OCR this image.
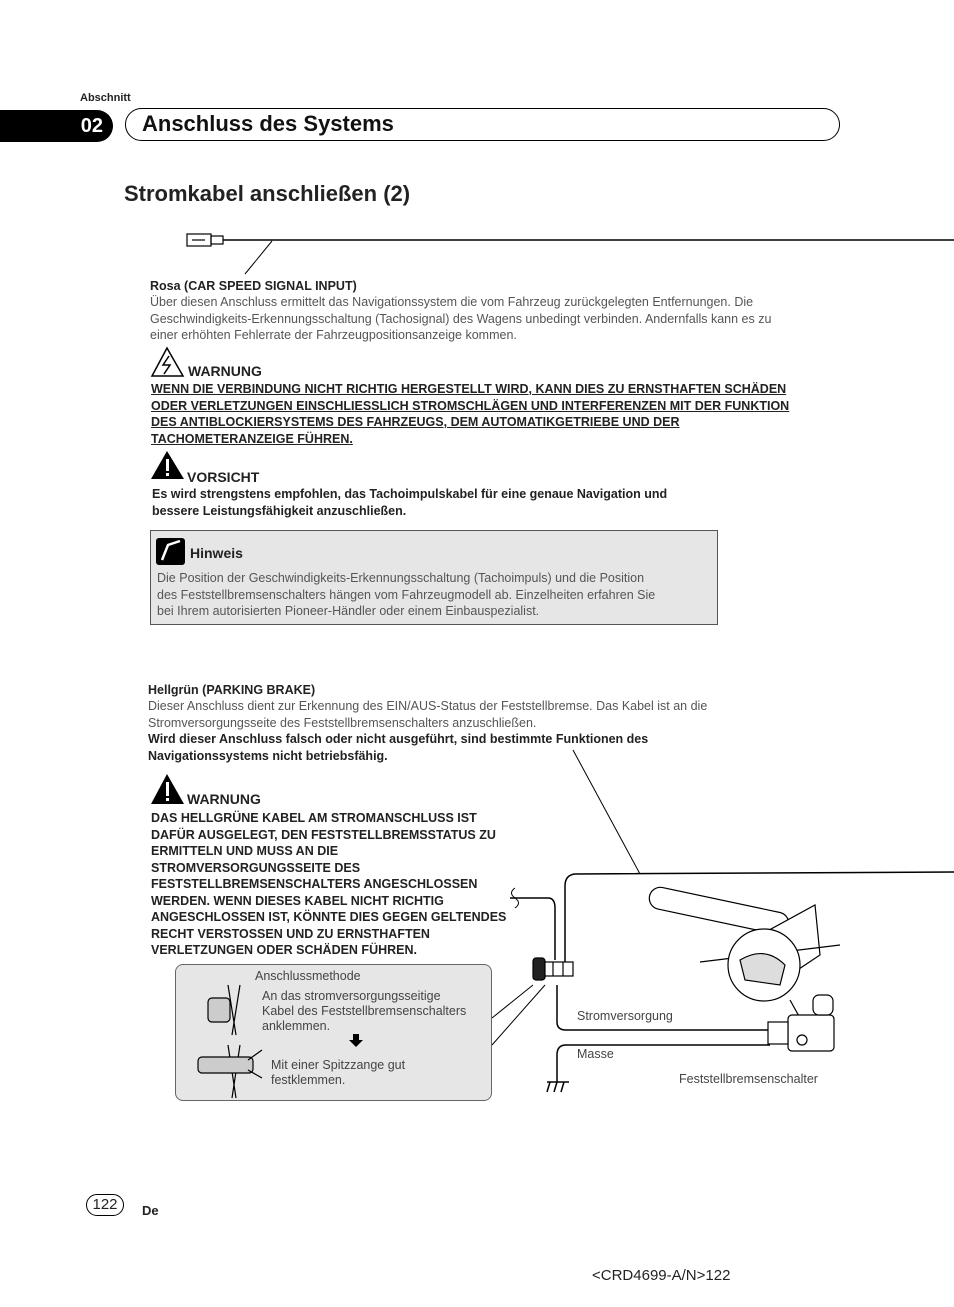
Abschnitt
02	Anschluss des Systems
Stromkabel anschließen (2)
Rosa (CAR SPEED SIGNAL INPUT)
Über diesen Anschluss ermittelt das Navigationssystem die vom Fahrzeug zurückgelegten Entfernungen. Die
Geschwindigkeits-Erkennungsschaltung (Tachosignal) des Wagens unbedingt verbinden. Andernfalls kann es zu
einer erhöhten Fehlerrate der Fahrzeugpositionsanzeige kommen.
WARNUNG
WENN DIE VERBINDUNG NICHT RICHTIG HERGESTELLT WIRD, KANN DIES ZU ERNSTHAFTEN SCHÄDEN
ODER VERLETZUNGEN EINSCHLIESSLICH STROMSCHLÄGEN UND INTERFERENZEN MIT DER FUNKTION
DES ANTIBLOCKIERSYSTEMS DES FAHRZEUGS, DEM AUTOMATIKGETRIEBE UND DER
TACHOMETERANZEIGE FÜHREN.
VORSICHT
Es wird strengstens empfohlen, das Tachoimpulskabel für eine genaue Navigation und
bessere Leistungsfähigkeit anzuschließen.
Hinweis
Die Position der Geschwindigkeits-Erkennungsschaltung (Tachoimpuls) und die Position
des Feststellbremsenschalters hängen vom Fahrzeugmodell ab. Einzelheiten erfahren Sie
bei Ihrem autorisierten Pioneer-Händler oder einem Einbauspezialist.
Hellgrün (PARKING BRAKE)
Dieser Anschluss dient zur Erkennung des EIN/AUS-Status der Feststellbremse. Das Kabel ist an die
Stromversorgungsseite des Feststellbremsenschalters anzuschließen.
Wird dieser Anschluss falsch oder nicht ausgeführt, sind bestimmte Funktionen des
Navigationssystems nicht betriebsfähig.
WARNUNG
DAS HELLGRÜNE KABEL AM STROMANSCHLUSS IST
DAFÜR AUSGELEGT, DEN FESTSTELLBREMSSTATUS ZU
ERMITTELN UND MUSS AN DIE
STROMVERSORGUNGSSEITE DES
FESTSTELLBREMSENSCHALTERS ANGESCHLOSSEN
WERDEN. WENN DIESES KABEL NICHT RICHTIG
ANGESCHLOSSEN IST, KÖNNTE DIES GEGEN GELTENDES
RECHT VERSTOSSEN UND ZU ERNSTHAFTEN
VERLETZUNGEN ODER SCHÄDEN FÜHREN.
Anschlussmethode
An das stromversorgungsseitige
Kabel des Feststellbremsenschalters
anklemmen.
Mit einer Spitzzange gut
festklemmen.
Stromversorgung
Masse
Feststellbremsenschalter
122	De
<CRD4699-A/N>122
